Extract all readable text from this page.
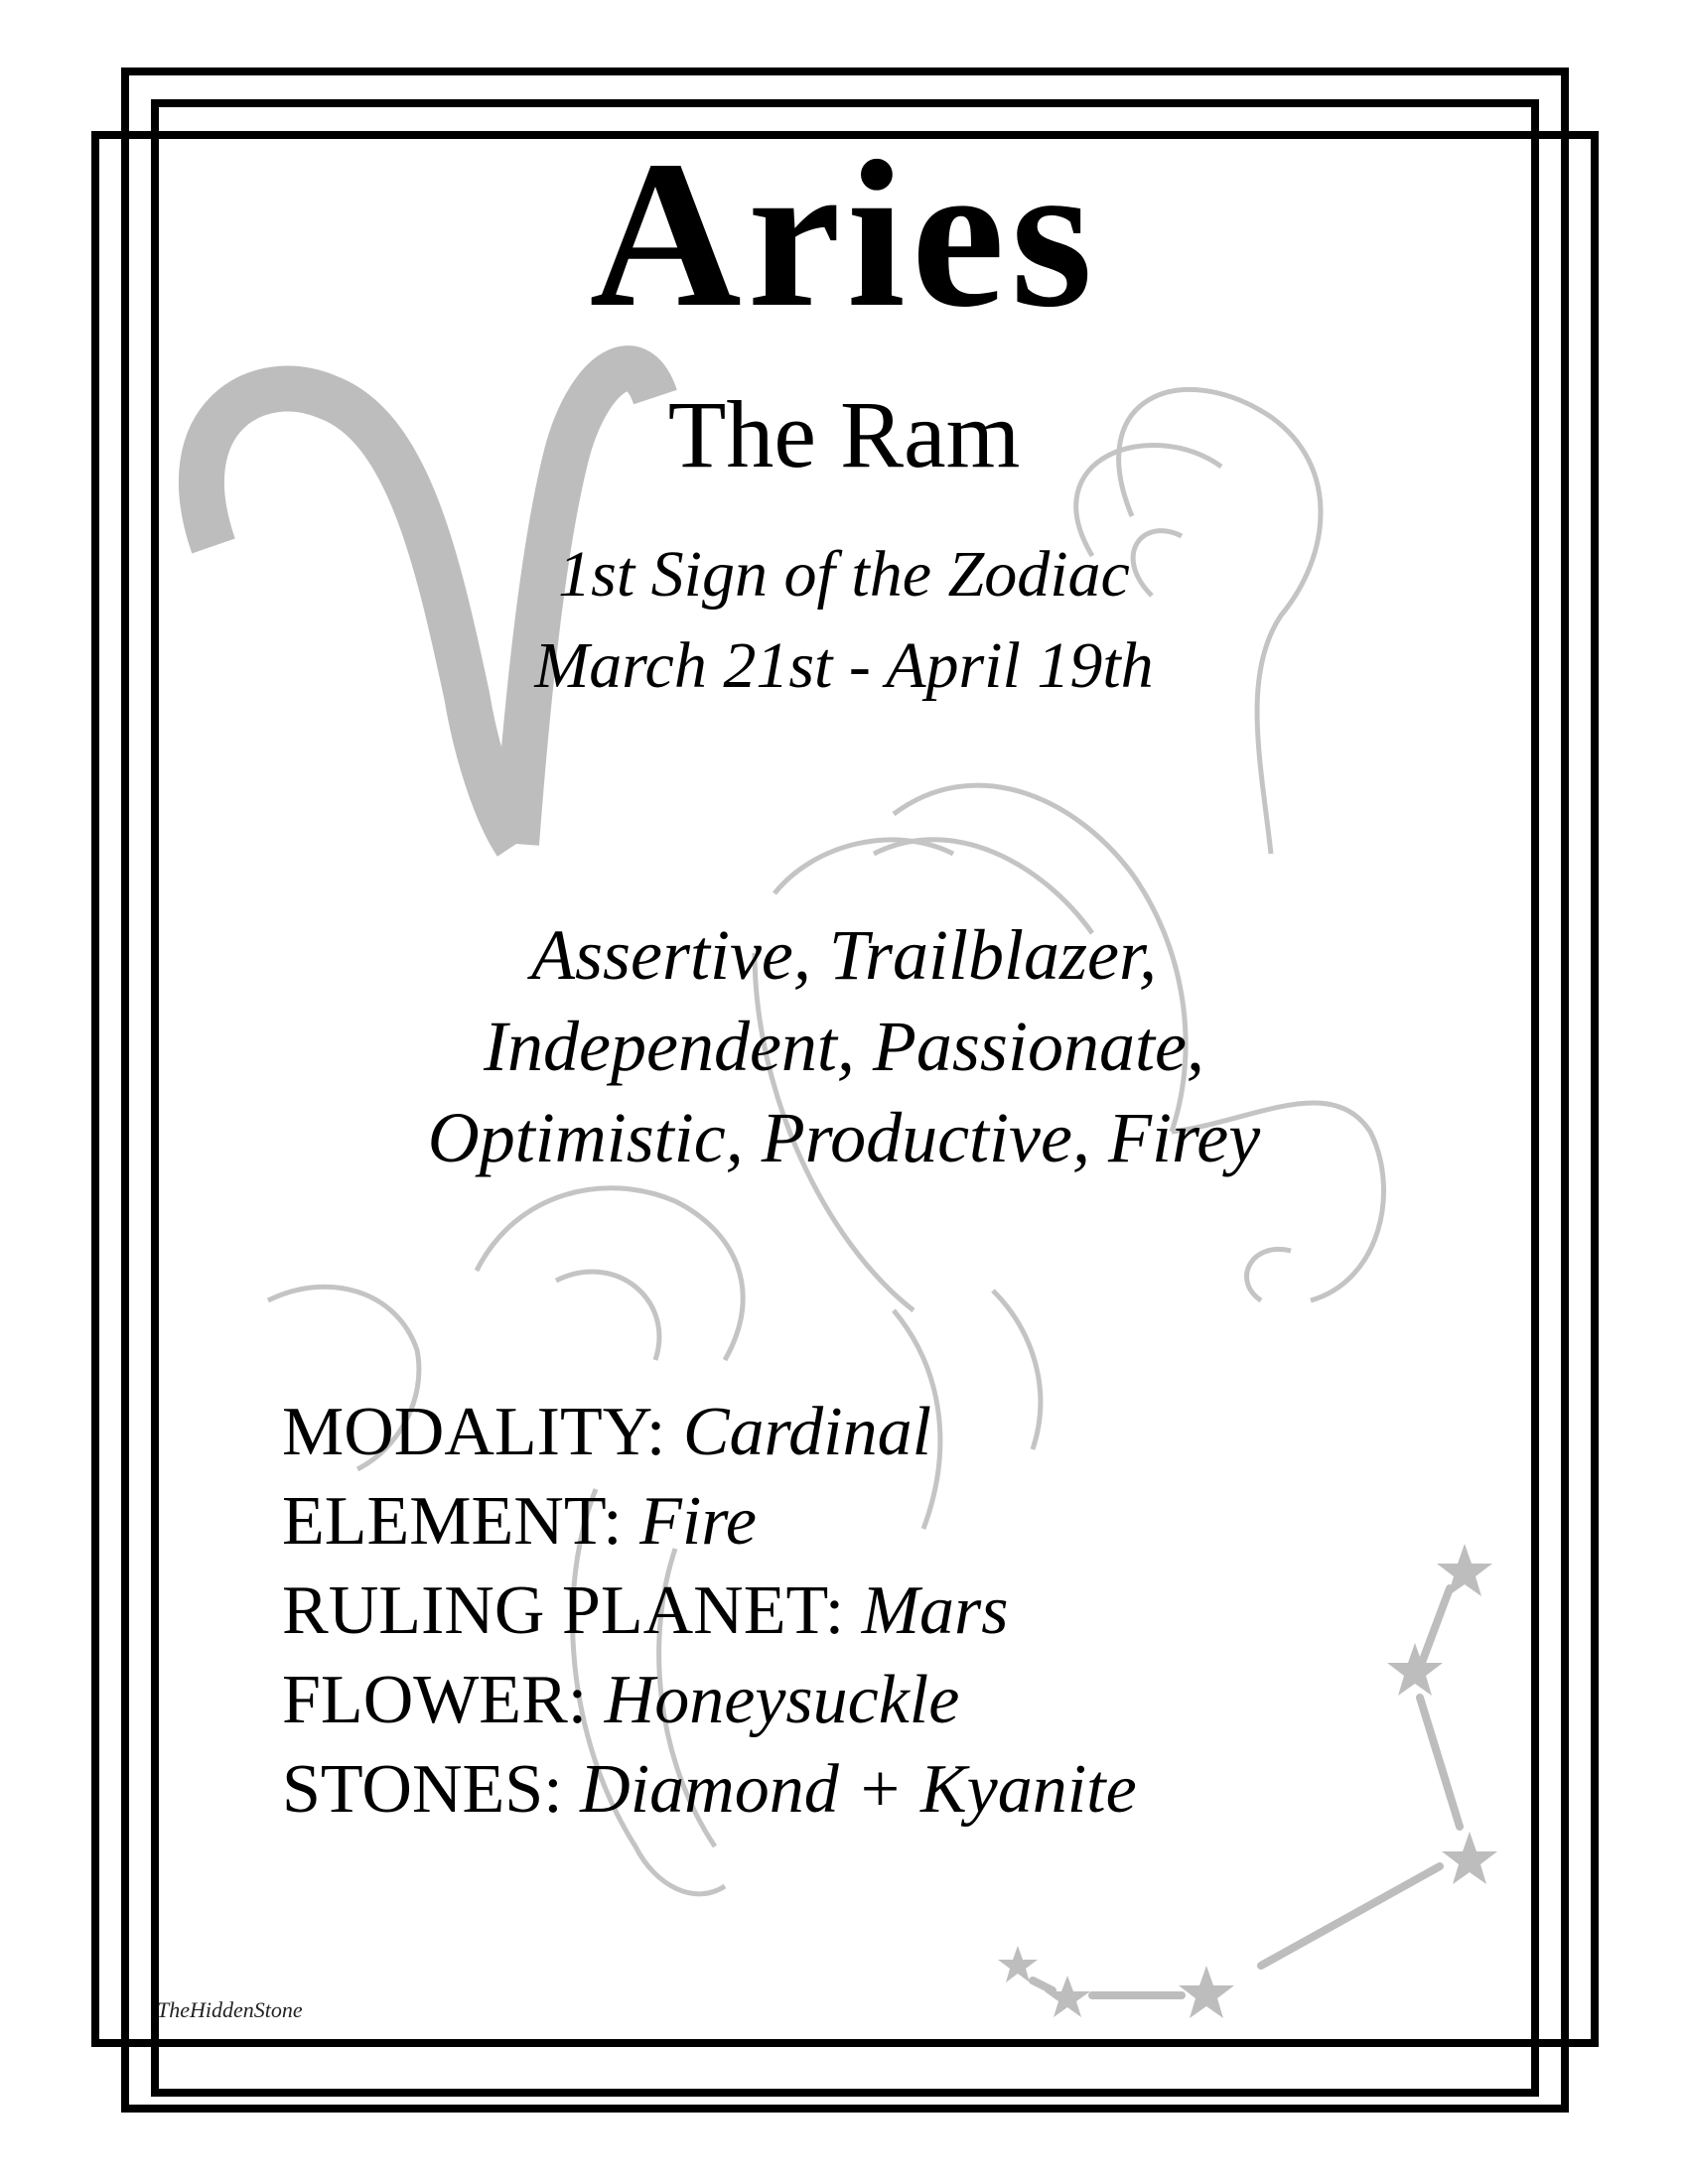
Aries
The Ram
1st Sign of the Zodiac
March 21st - April 19th
Assertive, Trailblazer,
Independent, Passionate,
Optimistic, Productive, Firey
MODALITY: Cardinal
ELEMENT: Fire
RULING PLANET: Mars
FLOWER: Honeysuckle
STONES: Diamond + Kyanite
TheHiddenStone
